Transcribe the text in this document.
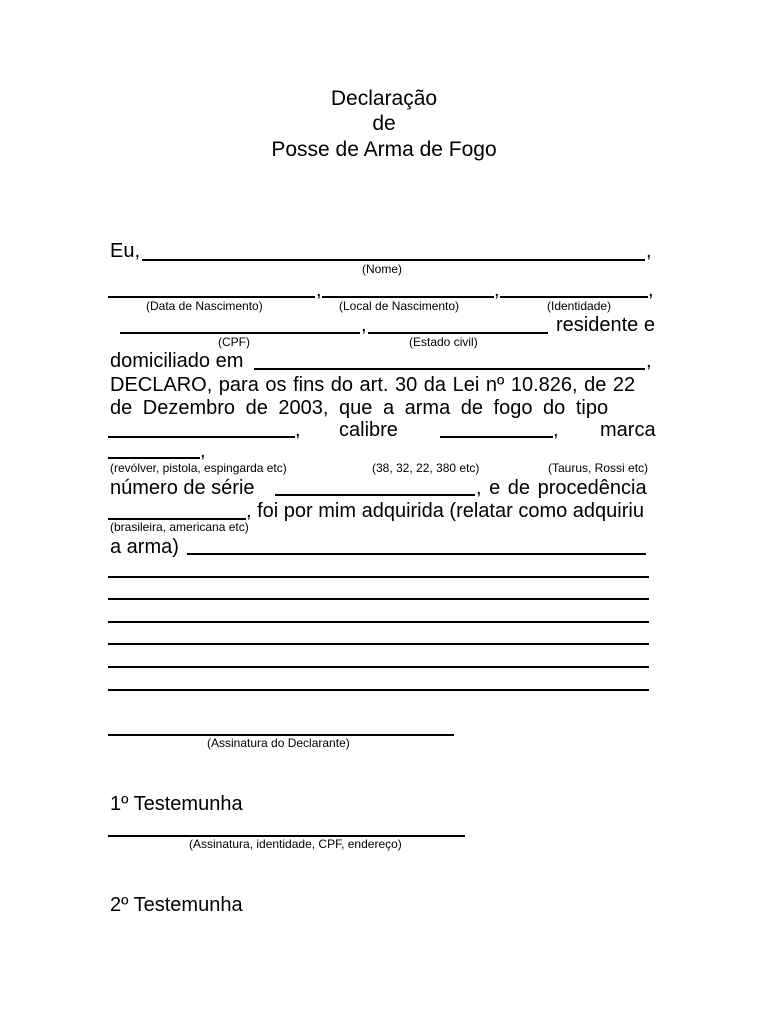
Declaração
de
Posse de Arma de Fogo
Eu,	,
(Nome)
,	,	,
(Data de Nascimento)	(Local de Nascimento)	(Identidade)
,	residente e
(CPF)	(Estado civil)
domiciliado em	,
DECLARO, para os fins do art. 30 da Lei nº 10.826, de 22
de Dezembro de 2003, que a arma de fogo do tipo
, calibre	, marca
,
(revólver, pistola, espingarda etc)	(38, 32, 22, 380 etc)	(Taurus, Rossi etc)
número de série	, e de procedência
, foi por mim adquirida (relatar como adquiriu
(brasileira, americana etc)
a arma)
(Assinatura do Declarante)
1º Testemunha
(Assinatura, identidade, CPF, endereço)
2º Testemunha
